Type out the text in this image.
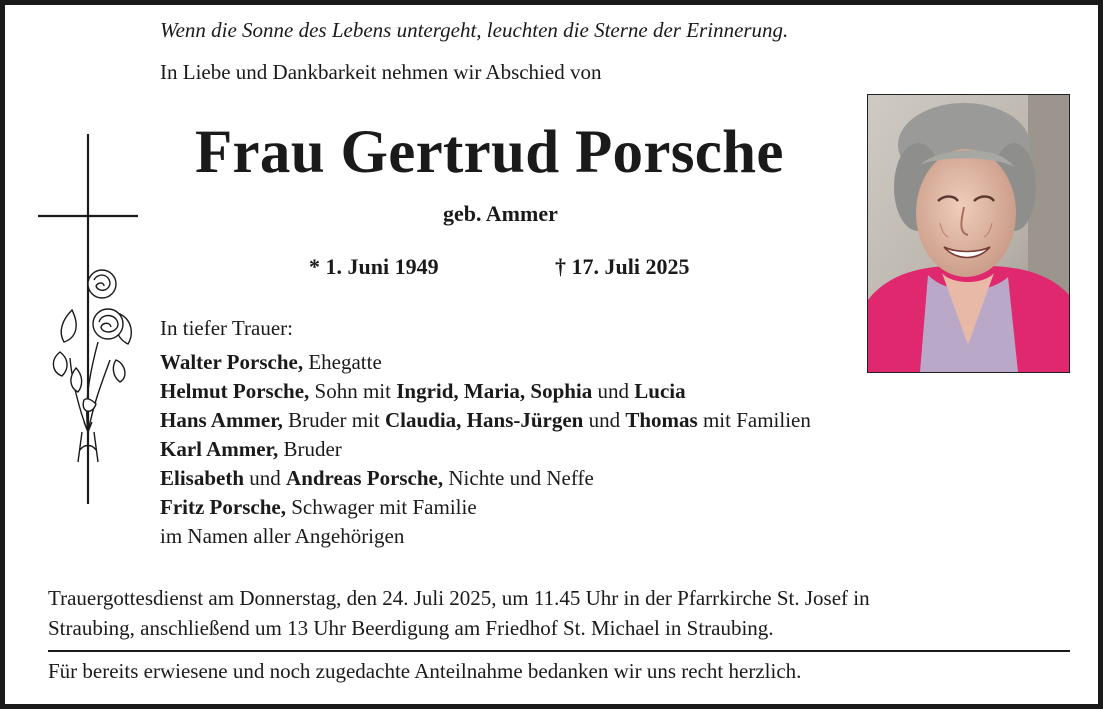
Wenn die Sonne des Lebens untergeht, leuchten die Sterne der Erinnerung.
In Liebe und Dankbarkeit nehmen wir Abschied von
Frau Gertrud Porsche
geb. Ammer
* 1. Juni 1949	† 17. Juli 2025
In tiefer Trauer:
Walter Porsche, Ehegatte
Helmut Porsche, Sohn mit Ingrid, Maria, Sophia und Lucia
Hans Ammer, Bruder mit Claudia, Hans-Jürgen und Thomas mit Familien
Karl Ammer, Bruder
Elisabeth und Andreas Porsche, Nichte und Neffe
Fritz Porsche, Schwager mit Familie
im Namen aller Angehörigen
Trauergottesdienst am Donnerstag, den 24. Juli 2025, um 11.45 Uhr in der Pfarrkirche St. Josef in
Straubing, anschließend um 13 Uhr Beerdigung am Friedhof St. Michael in Straubing.
Für bereits erwiesene und noch zugedachte Anteilnahme bedanken wir uns recht herzlich.
